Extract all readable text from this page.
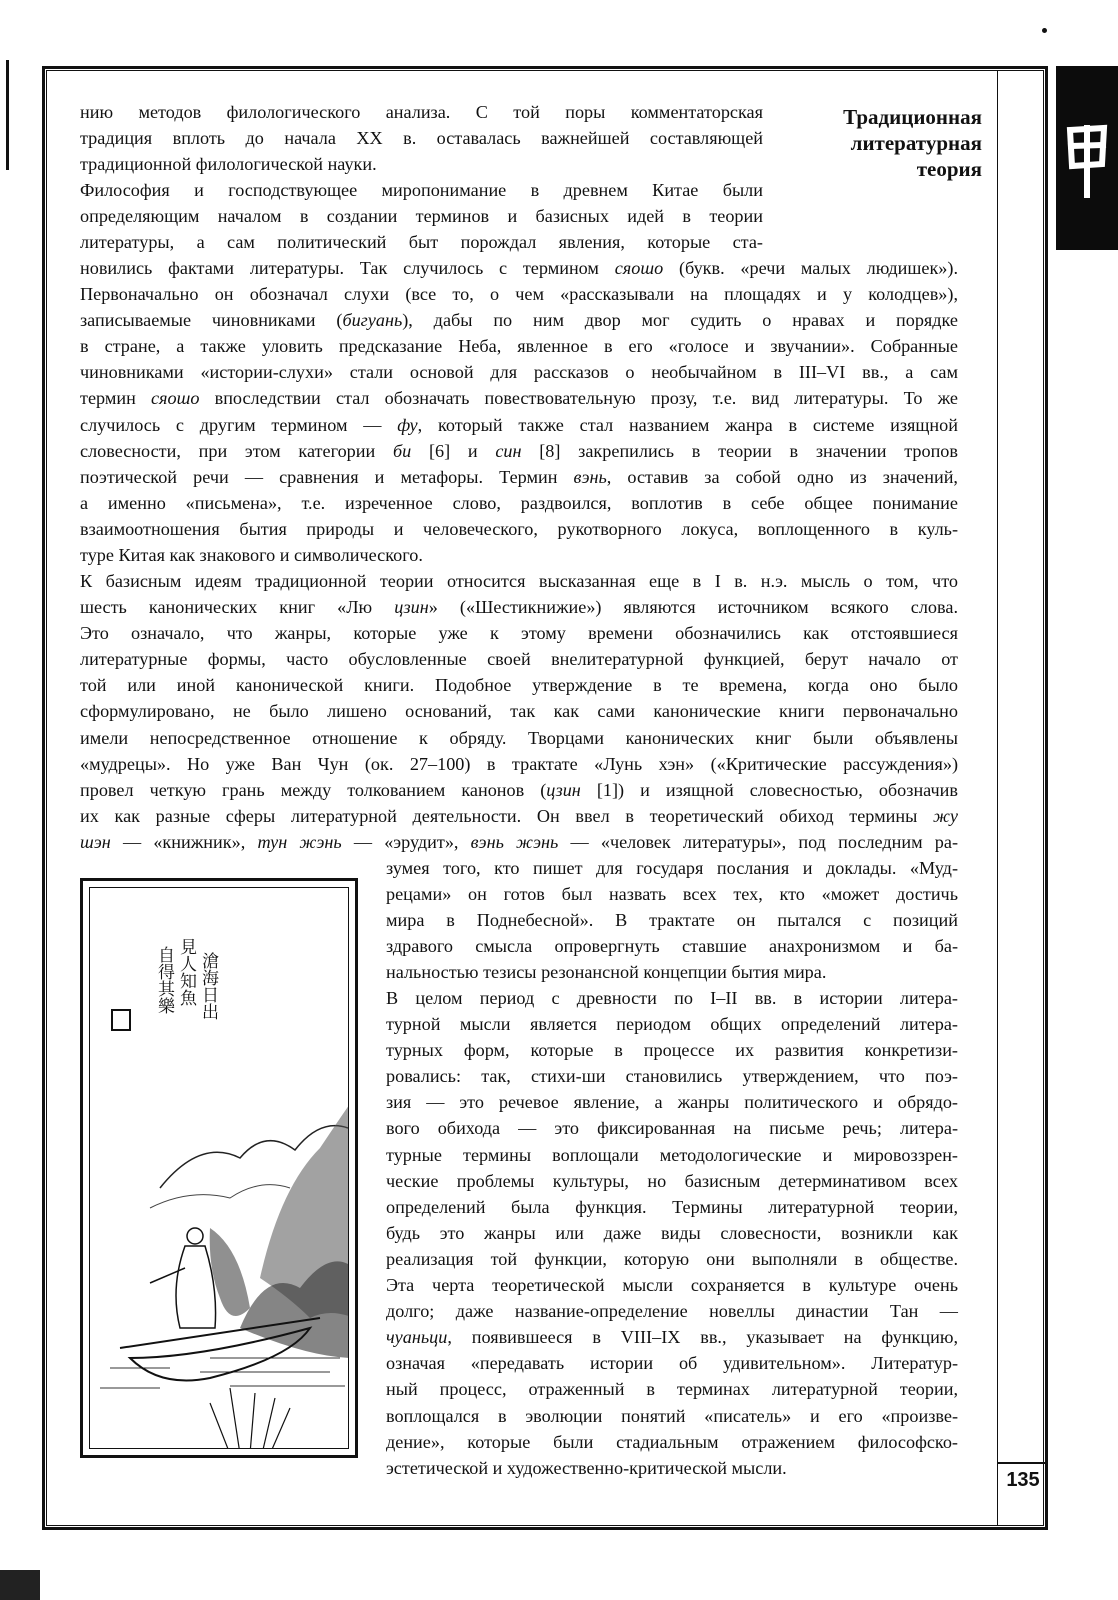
Традиционная
литературная
теория
нию методов филологического анализа. С той поры комментаторская
традиция вплоть до начала XX в. оставалась важнейшей составляющей
традиционной филологической науки.
Философия и господствующее миропонимание в древнем Китае были
определяющим началом в создании терминов и базисных идей в теории
литературы, а сам политический быт порождал явления, которые ста-
новились фактами литературы. Так случилось с термином сяошо (букв. «речи малых людишек»).
Первоначально он обозначал слухи (все то, о чем «рассказывали на площадях и у колодцев»),
записываемые чиновниками (бигуань), дабы по ним двор мог судить о нравах и порядке
в стране, а также уловить предсказание Неба, явленное в его «голосе и звучании». Собранные
чиновниками «истории-слухи» стали основой для рассказов о необычайном в III–VI вв., а сам
термин сяошо впоследствии стал обозначать повествовательную прозу, т.е. вид литературы. То же
случилось с другим термином — фу, который также стал названием жанра в системе изящной
словесности, при этом категории би [6] и син [8] закрепились в теории в значении тропов
поэтической речи — сравнения и метафоры. Термин вэнь, оставив за собой одно из значений,
а именно «письмена», т.е. изреченное слово, раздвоился, воплотив в себе общее понимание
взаимоотношения бытия природы и человеческого, рукотворного локуса, воплощенного в куль-
туре Китая как знакового и символического.
К базисным идеям традиционной теории относится высказанная еще в I в. н.э. мысль о том, что
шесть канонических книг «Лю цзин» («Шестикнижие») являются источником всякого слова.
Это означало, что жанры, которые уже к этому времени обозначились как отстоявшиеся
литературные формы, часто обусловленные своей внелитературной функцией, берут начало от
той или иной канонической книги. Подобное утверждение в те времена, когда оно было
сформулировано, не было лишено оснований, так как сами канонические книги первоначально
имели непосредственное отношение к обряду. Творцами канонических книг были объявлены
«мудрецы». Но уже Ван Чун (ок. 27–100) в трактате «Лунь хэн» («Критические рассуждения»)
провел четкую грань между толкованием канонов (цзин [1]) и изящной словесностью, обозначив
их как разные сферы литературной деятельности. Он ввел в теоретический обиход термины жу
шэн — «книжник», тун жэнь — «эрудит», вэнь жэнь — «человек литературы», под последним ра-
滄海日出
見人知魚
自得其樂
зумея того, кто пишет для государя послания и доклады. «Муд-
рецами» он готов был назвать всех тех, кто «может достичь
мира в Поднебесной». В трактате он пытался с позиций
здравого смысла опровергнуть ставшие анахронизмом и ба-
нальностью тезисы резонансной концепции бытия мира.
В целом период с древности по I–II вв. в истории литера-
турной мысли является периодом общих определений литера-
турных форм, которые в процессе их развития конкретизи-
ровались: так, стихи-ши становились утверждением, что поэ-
зия — это речевое явление, а жанры политического и обрядо-
вого обихода — это фиксированная на письме речь; литера-
турные термины воплощали методологические и мировоззрен-
ческие проблемы культуры, но базисным детерминативом всех
определений была функция. Термины литературной теории,
будь это жанры или даже виды словесности, возникли как
реализация той функции, которую они выполняли в обществе.
Эта черта теоретической мысли сохраняется в культуре очень
долго; даже название-определение новеллы династии Тан —
чуаньци, появившееся в VIII–IX вв., указывает на функцию,
означая «передавать истории об удивительном». Литератур-
ный процесс, отраженный в терминах литературной теории,
воплощался в эволюции понятий «писатель» и его «произве-
дение», которые были стадиальным отражением философско-
эстетической и художественно-критической мысли.
135
